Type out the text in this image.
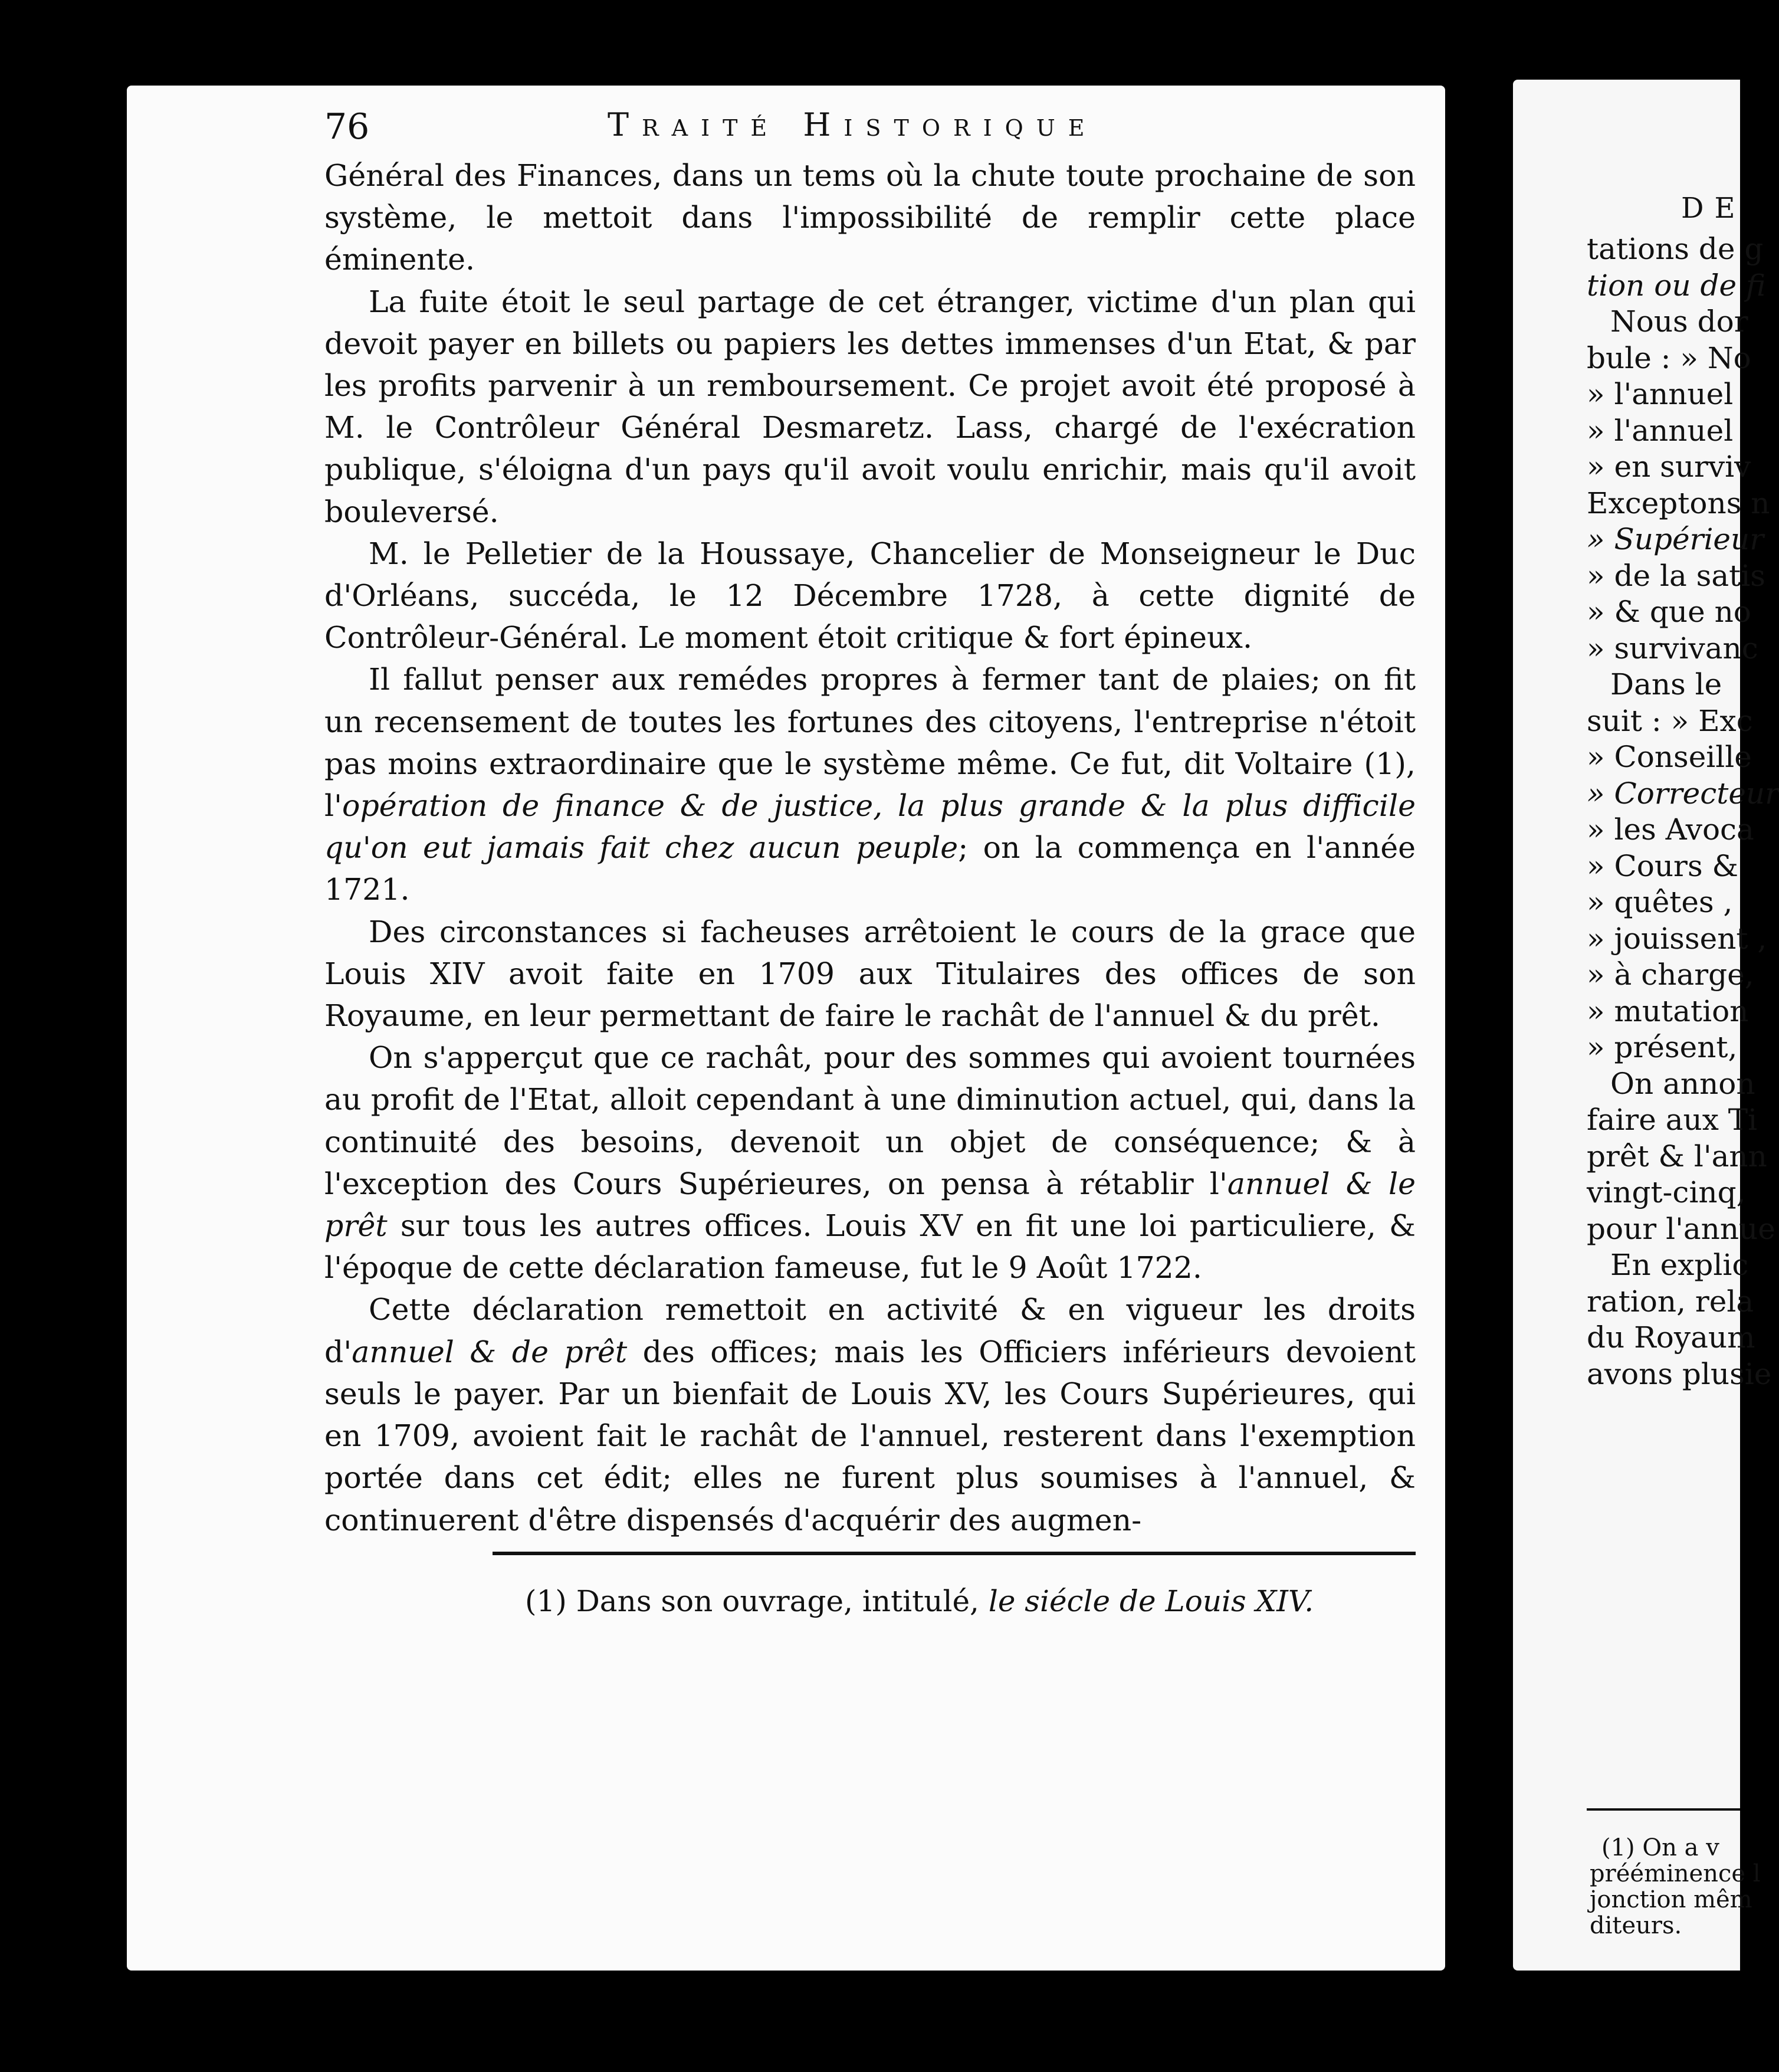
76	Traité Historique

Général des Finances, dans un tems où la chute toute prochaine de son système, le mettoit dans l'impossibilité de remplir cette place éminente.

La fuite étoit le seul partage de cet étranger, victime d'un plan qui devoit payer en billets ou papiers les dettes immenses d'un Etat, & par les profits parvenir à un remboursement. Ce projet avoit été proposé à M. le Contrôleur Général Desmaretz. Lass, chargé de l'exécration publique, s'éloigna d'un pays qu'il avoit voulu enrichir, mais qu'il avoit bouleversé.

M. le Pelletier de la Houssaye, Chancelier de Monseigneur le Duc d'Orléans, succéda, le 12 Décembre 1728, à cette dignité de Contrôleur-Général. Le moment étoit critique & fort épineux.

Il fallut penser aux remédes propres à fermer tant de plaies; on fit un recensement de toutes les fortunes des citoyens, l'entreprise n'étoit pas moins extraordinaire que le système même. Ce fut, dit Voltaire (1), l'opération de finance & de justice, la plus grande & la plus difficile qu'on eut jamais fait chez aucun peuple; on la commença en l'année 1721.

Des circonstances si facheuses arrêtoient le cours de la grace que Louis XIV avoit faite en 1709 aux Titulaires des offices de son Royaume, en leur permettant de faire le rachât de l'annuel & du prêt.

On s'apperçut que ce rachât, pour des sommes qui avoient tournées au profit de l'Etat, alloit cependant à une diminution actuel, qui, dans la continuité des besoins, devenoit un objet de conséquence; & à l'exception des Cours Supérieures, on pensa à rétablir l'annuel & le prêt sur tous les autres offices. Louis XV en fit une loi particuliere, & l'époque de cette déclaration fameuse, fut le 9 Août 1722.

Cette déclaration remettoit en activité & en vigueur les droits d'annuel & de prêt des offices; mais les Officiers inférieurs devoient seuls le payer. Par un bienfait de Louis XV, les Cours Supérieures, qui en 1709, avoient fait le rachât de l'annuel, resterent dans l'exemption portée dans cet édit; elles ne furent plus soumises à l'annuel, & continuerent d'être dispensés d'acquérir des augmen-

(1) Dans son ouvrage, intitulé, le siécle de Louis XIV.
DE
tations de g
tion ou de fi
Nous dor
bule : » No
» l'annuel
» l'annuel
» en surviv
Exceptons n
» Supérieur
» de la satis
» & que no
» survivanc
Dans le
suit : » Exc
» Conseille
» Correcteur
» les Avoca
» Cours &
» quêtes ,
» jouissent ,
» à charge,
» mutation
» présent,
On annon
faire aux Ti
prêt & l'ann
vingt-cinq,
pour l'annue
En explic
ration, rela
du Royaum
avons plusie
(1) On a v
prééminence l
jonction mêm
diteurs.
